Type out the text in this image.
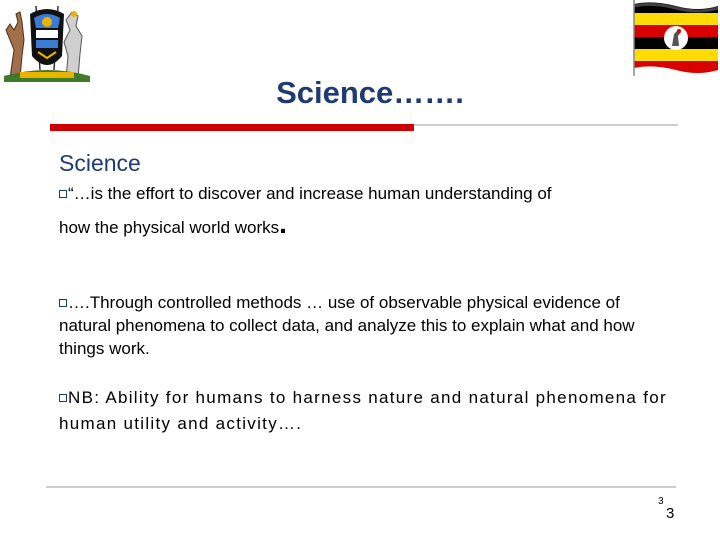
Science…….
Science
“…is the effort to discover and increase human understanding of
how the physical world works.
….Through controlled methods … use of observable physical evidence of natural phenomena to collect data, and analyze this to explain what and how things work.
NB: Ability for humans to harness nature and natural phenomena for human utility and activity….
3
3
